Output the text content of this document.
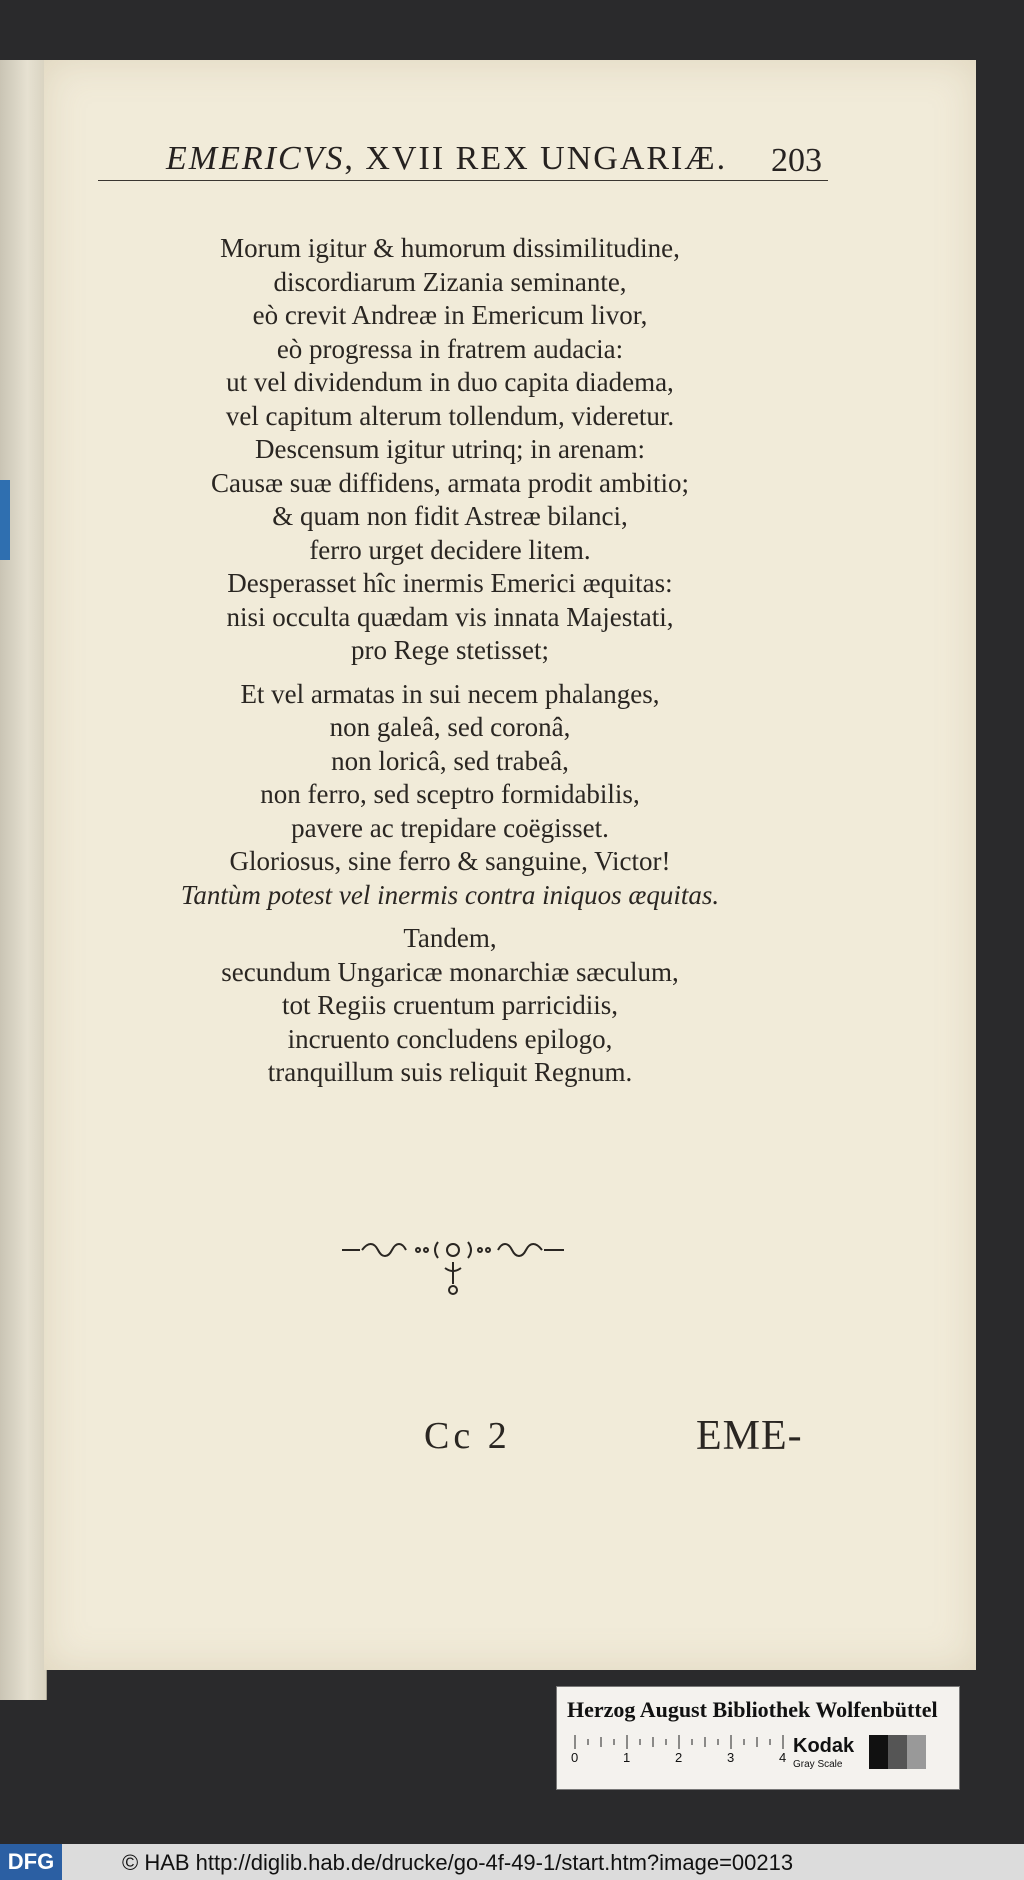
EMERICVS, XVII REX UNGARIÆ. 203
Morum igitur & humorum dissimilitudine,
discordiarum Zizania seminante,
eò crevit Andreæ in Emericum livor,
eò progressa in fratrem audacia:
ut vel dividendum in duo capita diadema,
vel capitum alterum tollendum, videretur.
Descensum igitur utrinq; in arenam:
Causæ suæ diffidens, armata prodit ambitio;
& quam non fidit Astreæ bilanci,
ferro urget decidere litem.
Desperasset hîc inermis Emerici æquitas:
nisi occulta quædam vis innata Majestati,
pro Rege stetisset;
Et vel armatas in sui necem phalanges,
non galeâ, sed coronâ,
non loricâ, sed trabeâ,
non ferro, sed sceptro formidabilis,
pavere ac trepidare coëgisset.
Gloriosus, sine ferro & sanguine, Victor!
Tantùm potest vel inermis contra iniquos æquitas.
Tandem,
secundum Ungaricæ monarchiæ sæculum,
tot Regiis cruentum parricidiis,
incruento concludens epilogo,
tranquillum suis reliquit Regnum.
Cc 2	EME-
Herzog August Bibliothek Wolfenbüttel
0	1	2	3	4
Kodak
Gray Scale
DFG	© HAB http://diglib.hab.de/drucke/go-4f-49-1/start.htm?image=00213
